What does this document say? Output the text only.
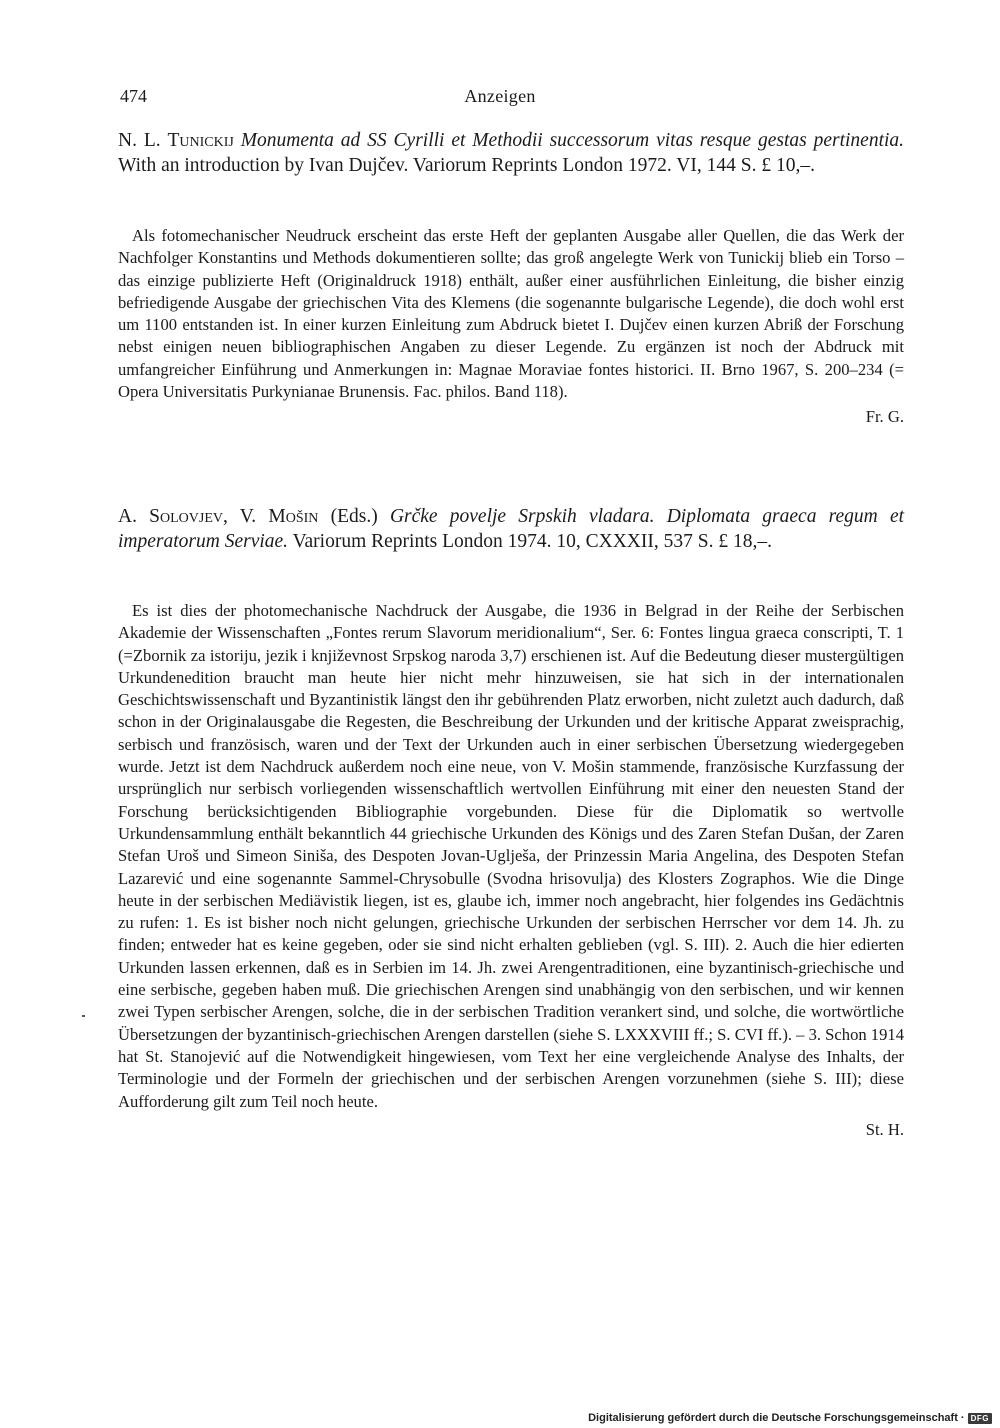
474	Anzeigen

N. L. Tunickij Monumenta ad SS Cyrilli et Methodii successorum vitas resque gestas pertinentia. With an introduction by Ivan Dujčev. Variorum Reprints London 1972. VI, 144 S. £ 10,–.

Als fotomechanischer Neudruck erscheint das erste Heft der geplanten Ausgabe aller Quellen, die das Werk der Nachfolger Konstantins und Methods dokumentieren sollte; das groß angelegte Werk von Tunickij blieb ein Torso – das einzige publizierte Heft (Originaldruck 1918) enthält, außer einer ausführlichen Einleitung, die bisher einzig befriedigende Ausgabe der griechischen Vita des Klemens (die sogenannte bulgarische Legende), die doch wohl erst um 1100 entstanden ist. In einer kurzen Einleitung zum Abdruck bietet I. Dujčev einen kurzen Abriß der Forschung nebst einigen neuen bibliographischen Angaben zu dieser Legende. Zu ergänzen ist noch der Abdruck mit umfangreicher Einführung und Anmerkungen in: Magnae Moraviae fontes historici. II. Brno 1967, S. 200–234 (= Opera Universitatis Purkynianae Brunensis. Fac. philos. Band 118).

Fr. G.

A. Solovjev, V. Mošin (Eds.) Grčke povelje Srpskih vladara. Diplomata graeca regum et imperatorum Serviae. Variorum Reprints London 1974. 10, CXXXII, 537 S. £ 18,–.

Es ist dies der photomechanische Nachdruck der Ausgabe, die 1936 in Belgrad in der Reihe der Serbischen Akademie der Wissenschaften „Fontes rerum Slavorum meridionalium“, Ser. 6: Fontes lingua graeca conscripti, T. 1 (=Zbornik za istoriju, jezik i književnost Srpskog naroda 3,7) erschienen ist. Auf die Bedeutung dieser mustergültigen Urkundenedition braucht man heute hier nicht mehr hinzuweisen, sie hat sich in der internationalen Geschichtswissenschaft und Byzantinistik längst den ihr gebührenden Platz erworben, nicht zuletzt auch dadurch, daß schon in der Originalausgabe die Regesten, die Beschreibung der Urkunden und der kritische Apparat zweisprachig, serbisch und französisch, waren und der Text der Urkunden auch in einer serbischen Übersetzung wiedergegeben wurde. Jetzt ist dem Nachdruck außerdem noch eine neue, von V. Mošin stammende, französische Kurzfassung der ursprünglich nur serbisch vorliegenden wissenschaftlich wertvollen Einführung mit einer den neuesten Stand der Forschung berücksichtigenden Bibliographie vorgebunden. Diese für die Diplomatik so wertvolle Urkundensammlung enthält bekanntlich 44 griechische Urkunden des Königs und des Zaren Stefan Dušan, der Zaren Stefan Uroš und Simeon Siniša, des Despoten Jovan-Uglješa, der Prinzessin Maria Angelina, des Despoten Stefan Lazarević und eine sogenannte Sammel-Chrysobulle (Svodna hrisovulja) des Klosters Zographos. Wie die Dinge heute in der serbischen Mediävistik liegen, ist es, glaube ich, immer noch angebracht, hier folgendes ins Gedächtnis zu rufen: 1. Es ist bisher noch nicht gelungen, griechische Urkunden der serbischen Herrscher vor dem 14. Jh. zu finden; entweder hat es keine gegeben, oder sie sind nicht erhalten geblieben (vgl. S. III). 2. Auch die hier edierten Urkunden lassen erkennen, daß es in Serbien im 14. Jh. zwei Arengentraditionen, eine byzantinisch-griechische und eine serbische, gegeben haben muß. Die griechischen Arengen sind unabhängig von den serbischen, und wir kennen zwei Typen serbischer Arengen, solche, die in der serbischen Tradition verankert sind, und solche, die wortwörtliche Übersetzungen der byzantinisch-griechischen Arengen darstellen (siehe S. LXXXVIII ff.; S. CVI ff.). – 3. Schon 1914 hat St. Stanojević auf die Notwendigkeit hingewiesen, vom Text her eine vergleichende Analyse des Inhalts, der Terminologie und der Formeln der griechischen und der serbischen Arengen vorzunehmen (siehe S. III); diese Aufforderung gilt zum Teil noch heute.

St. H.

Digitalisierung gefördert durch die Deutsche Forschungsgemeinschaft · DFG
